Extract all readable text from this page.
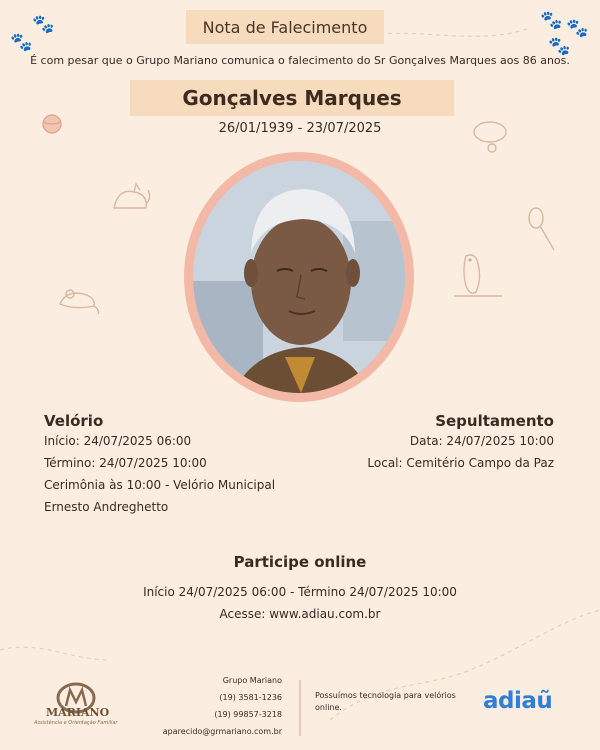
🐾
🐾
🐾 🐾
🐾
Nota de Falecimento
É com pesar que o Grupo Mariano comunica o falecimento do Sr Gonçalves Marques aos 86 anos.
Gonçalves Marques
26/01/1939 - 23/07/2025
Velório
Início: 24/07/2025 06:00
Término: 24/07/2025 10:00
Cerimônia às 10:00 - Velório Municipal
Ernesto Andreghetto
Sepultamento
Data: 24/07/2025 10:00
Local: Cemitério Campo da Paz
Participe online
Início 24/07/2025 06:00 - Término 24/07/2025 10:00
Acesse: www.adiau.com.br
MARIANO
Assistência e Orientação Familiar
Grupo Mariano
(19) 3581-1236
(19) 99857-3218
aparecido@grmariano.com.br
Possuímos tecnologia para velórios online.	adiaũ
